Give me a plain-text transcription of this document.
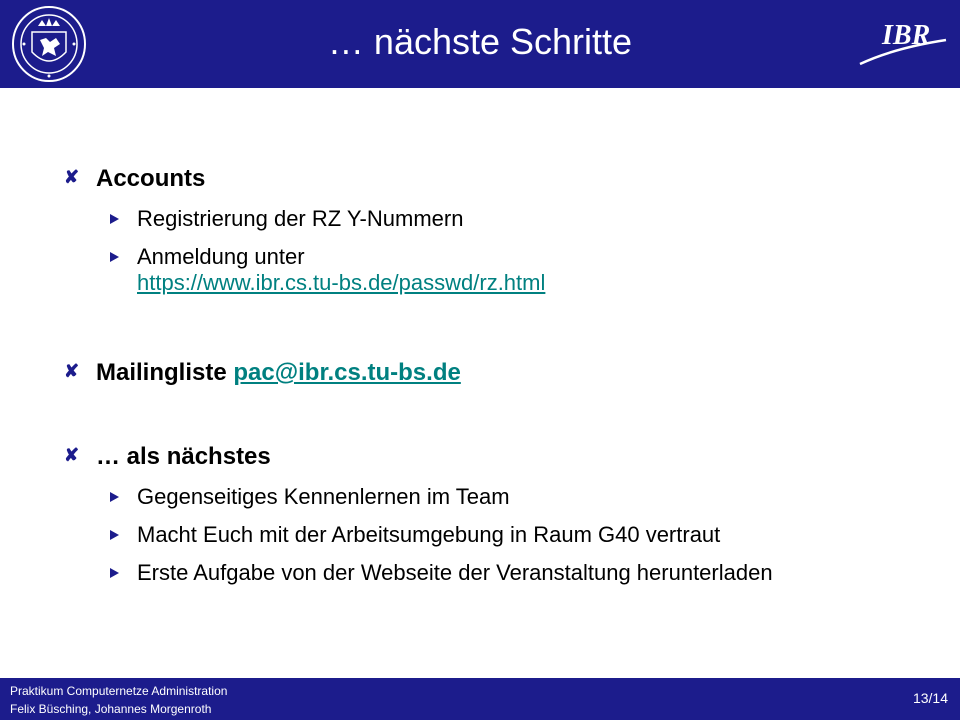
… nächste Schritte	IBR
✘ Accounts
Registrierung der RZ Y-Nummern
Anmeldung unter
https://www.ibr.cs.tu-bs.de/passwd/rz.html
✘ Mailingliste pac@ibr.cs.tu-bs.de
✘ … als nächstes
Gegenseitiges Kennenlernen im Team
Macht Euch mit der Arbeitsumgebung in Raum G40 vertraut
Erste Aufgabe von der Webseite der Veranstaltung herunterladen
Praktikum Computernetze Administration
Felix Büsching, Johannes Morgenroth
13/14
